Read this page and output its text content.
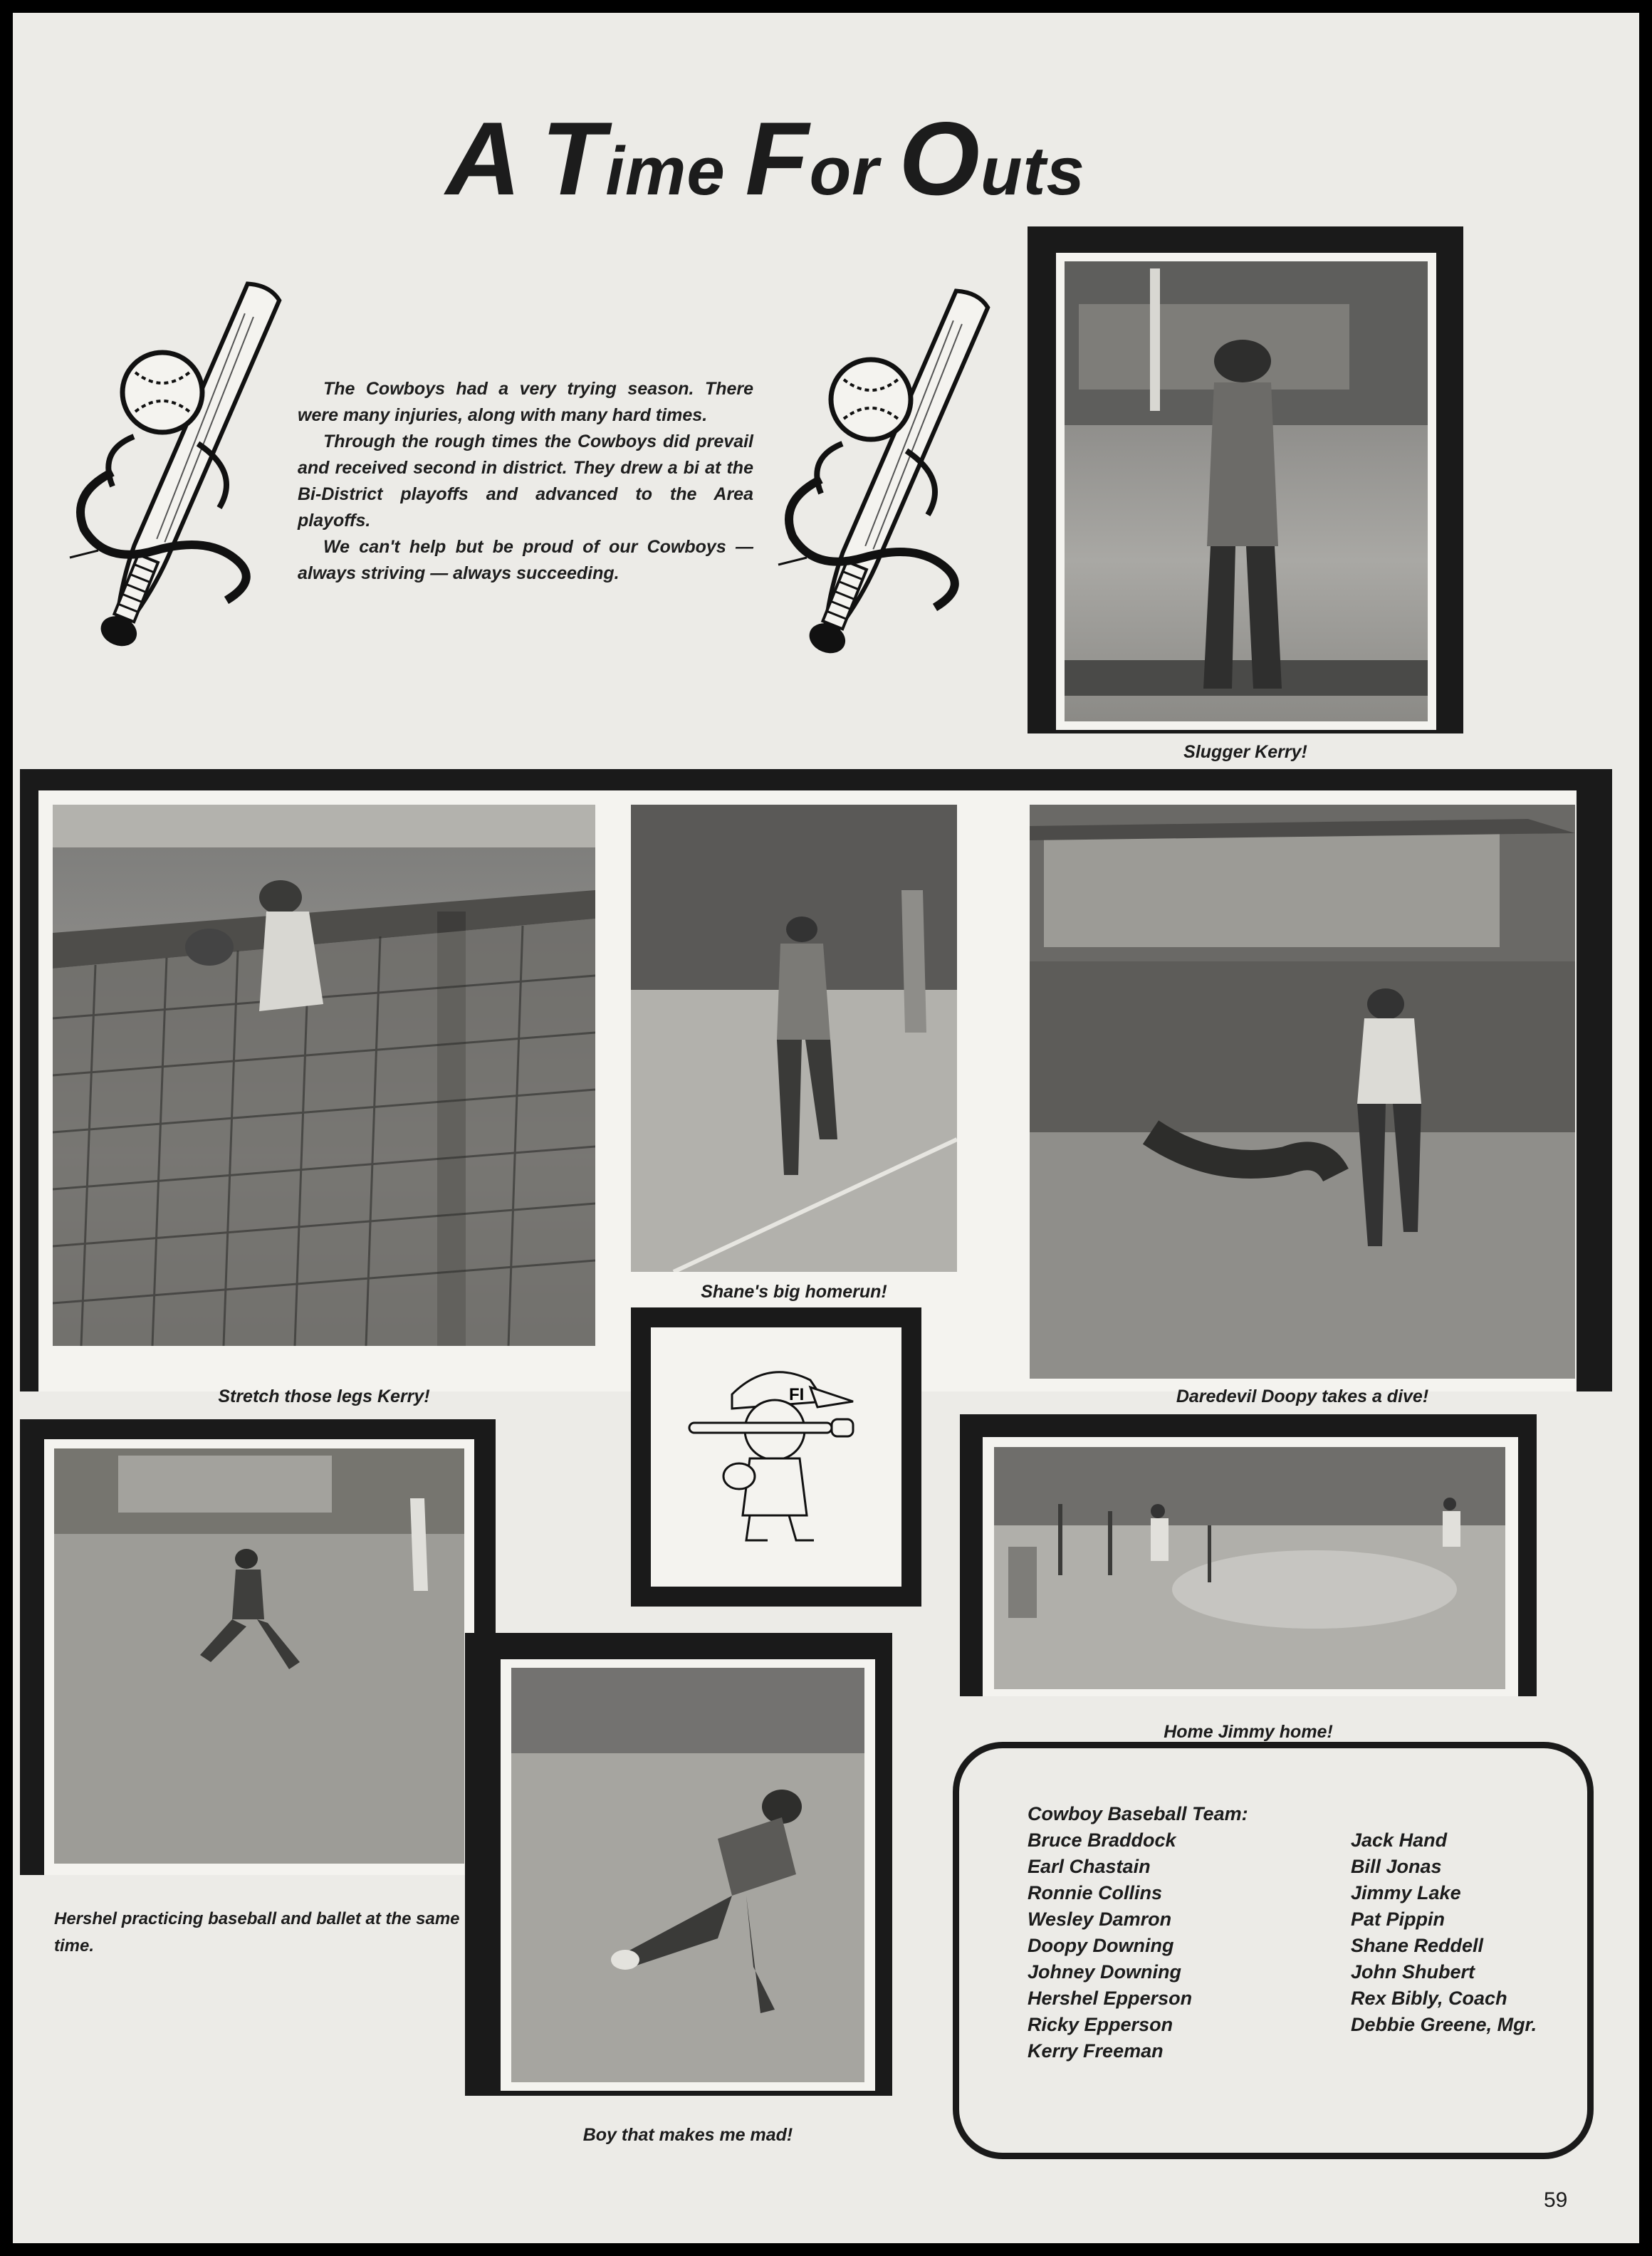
A Time For Outs

The Cowboys had a very trying season. There were many injuries, along with many hard times.

Through the rough times the Cowboys did prevail and received second in district. They drew a bi at the Bi-District playoffs and advanced to the Area playoffs.

We can't help but be proud of our Cowboys — always striving — always succeeding.

Slugger Kerry!
Stretch those legs Kerry!
Shane's big homerun!
Daredevil Doopy takes a dive!
FI
Hershel practicing baseball and ballet at the same time.
Boy that makes me mad!
Home Jimmy home!
Cowboy Baseball Team:
Bruce Braddock
Earl Chastain
Ronnie Collins
Wesley Damron
Doopy Downing
Johney Downing
Hershel Epperson
Ricky Epperson
Kerry Freeman
Jack Hand
Bill Jonas
Jimmy Lake
Pat Pippin
Shane Reddell
John Shubert
Rex Bibly, Coach
Debbie Greene, Mgr.
59
